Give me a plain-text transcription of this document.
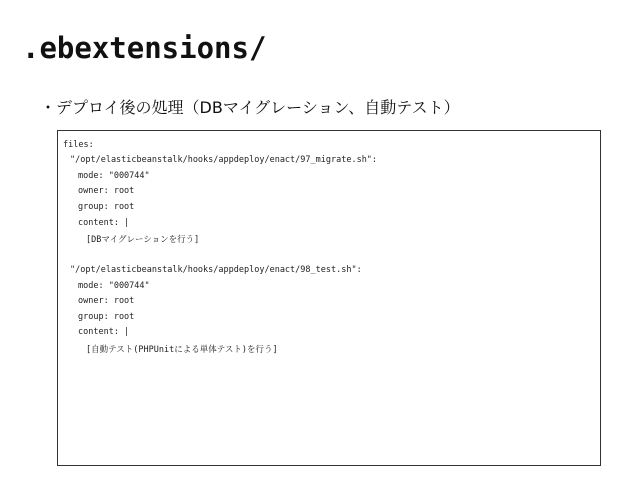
.ebextensions/
・デプロイ後の処理（DBマイグレーション、自動テスト）
files:
"/opt/elasticbeanstalk/hooks/appdeploy/enact/97_migrate.sh":
mode: "000744"
owner: root
group: root
content: |
[DBマイグレーションを行う]
"/opt/elasticbeanstalk/hooks/appdeploy/enact/98_test.sh":
mode: "000744"
owner: root
group: root
content: |
[自動テスト(PHPUnitによる単体テスト)を行う]
